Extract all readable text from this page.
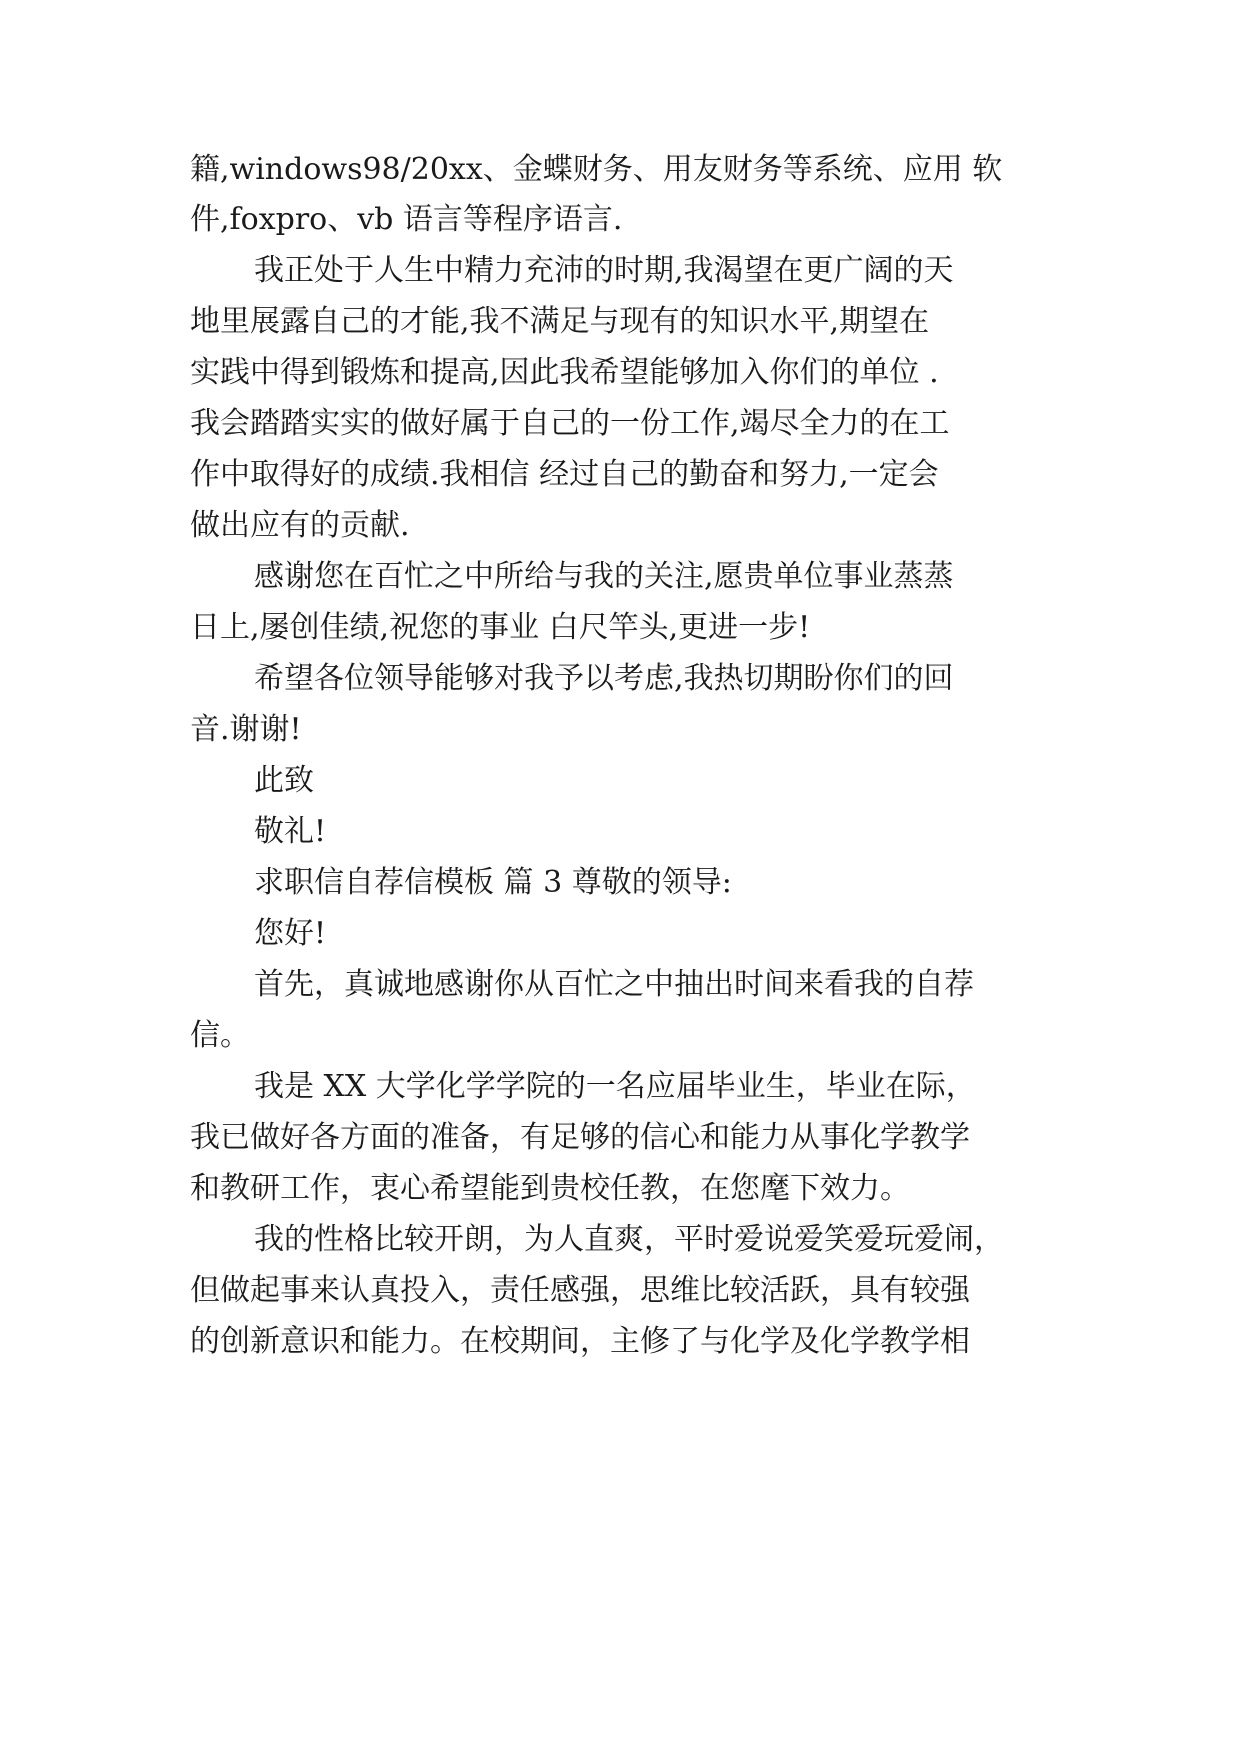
籍,windows98/20xx、金蝶财务、用友财务等系统、应用 软
件,foxpro、vb 语言等程序语言.
我正处于人生中精力充沛的时期,我渴望在更广阔的天
地里展露自己的才能,我不满足与现有的知识水平,期望在
实践中得到锻炼和提高,因此我希望能够加入你们的单位 .
我会踏踏实实的做好属于自己的一份工作,竭尽全力的在工
作中取得好的成绩.我相信 经过自己的勤奋和努力,一定会
做出应有的贡献.
感谢您在百忙之中所给与我的关注,愿贵单位事业蒸蒸
日上,屡创佳绩,祝您的事业 白尺竿头,更进一步!
希望各位领导能够对我予以考虑,我热切期盼你们的回
音.谢谢!
此致
敬礼!
求职信自荐信模板 篇 3 尊敬的领导:
您好!
首先，真诚地感谢你从百忙之中抽出时间来看我的自荐
信。
我是 XX 大学化学学院的一名应届毕业生，毕业在际，
我已做好各方面的准备，有足够的信心和能力从事化学教学
和教研工作，衷心希望能到贵校任教，在您麾下效力。
我的性格比较开朗，为人直爽，平时爱说爱笑爱玩爱闹，
但做起事来认真投入，责任感强，思维比较活跃，具有较强
的创新意识和能力。在校期间，主修了与化学及化学教学相
